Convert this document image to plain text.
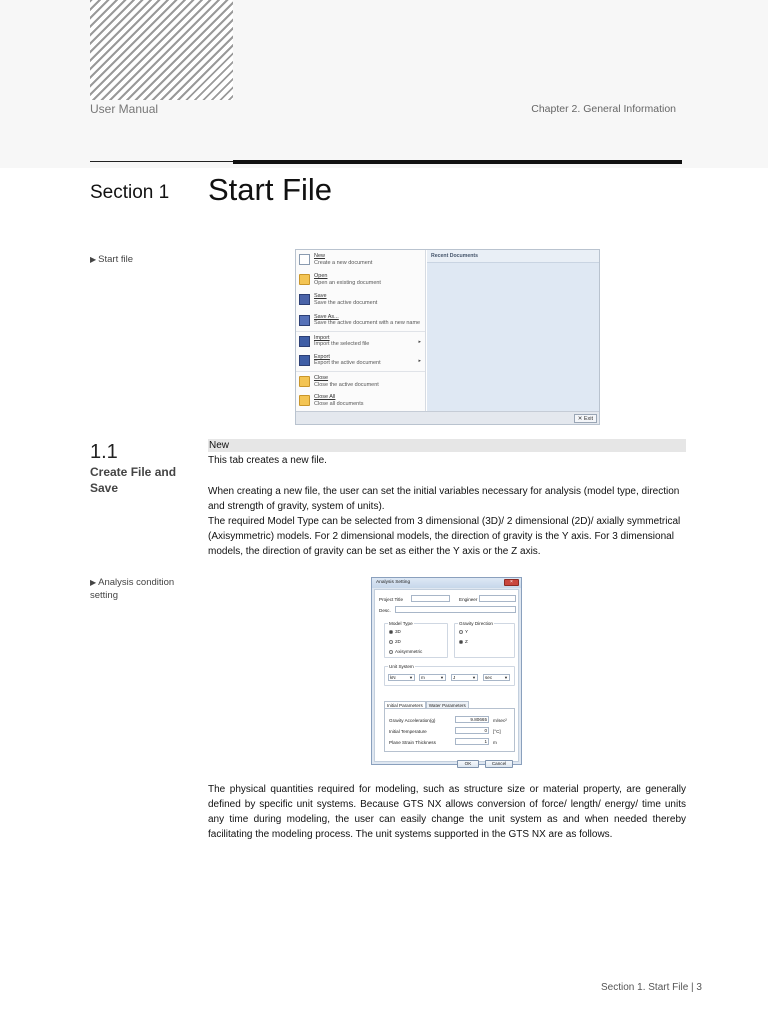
User Manual	Chapter 2. General Information
Section 1 Start File
▶ Start file	New
Create a new document
Open
Open an existing document
Save
Save the active document
Save As...
Save the active document with a new name
Import
Import the selected file	▸
Export
Export the active document	▸
Close
Close the active document
Close All
Close all documents
Recent Documents
✕ Exit
1.1
Create File and Save
New
This tab creates a new file.
When creating a new file, the user can set the initial variables necessary for analysis (model type, direction and strength of gravity, system of units).
The required Model Type can be selected from 3 dimensional (3D)/ 2 dimensional (2D)/ axially symmetrical (Axisymmetric) models. For 2 dimensional models, the direction of gravity is the Y axis. For 3 dimensional models, the direction of gravity can be set as either the Y axis or the Z axis.
▶ Analysis condition setting
Analysis Setting	×
Project Title	Engineer
Desc.
Model Type
3D
2D
Axisymmetric
Gravity Direction
Y
Z
Unit System
kN	▼	m	▼	J	▼	sec	▼
Initial Parameters Water Parameters
Gravity Acceleration(g)	9.80665	m/sec²
Initial Temperature	0	[°C]
Plane Strain Thickness	1	m
OK	Cancel
The physical quantities required for modeling, such as structure size or material property, are generally defined by specific unit systems. Because GTS NX allows conversion of force/ length/ energy/ time units any time during modeling, the user can easily change the unit system as and when needed thereby facilitating the modeling process. The unit systems supported in the GTS NX are as follows.
Section 1. Start File | 3
